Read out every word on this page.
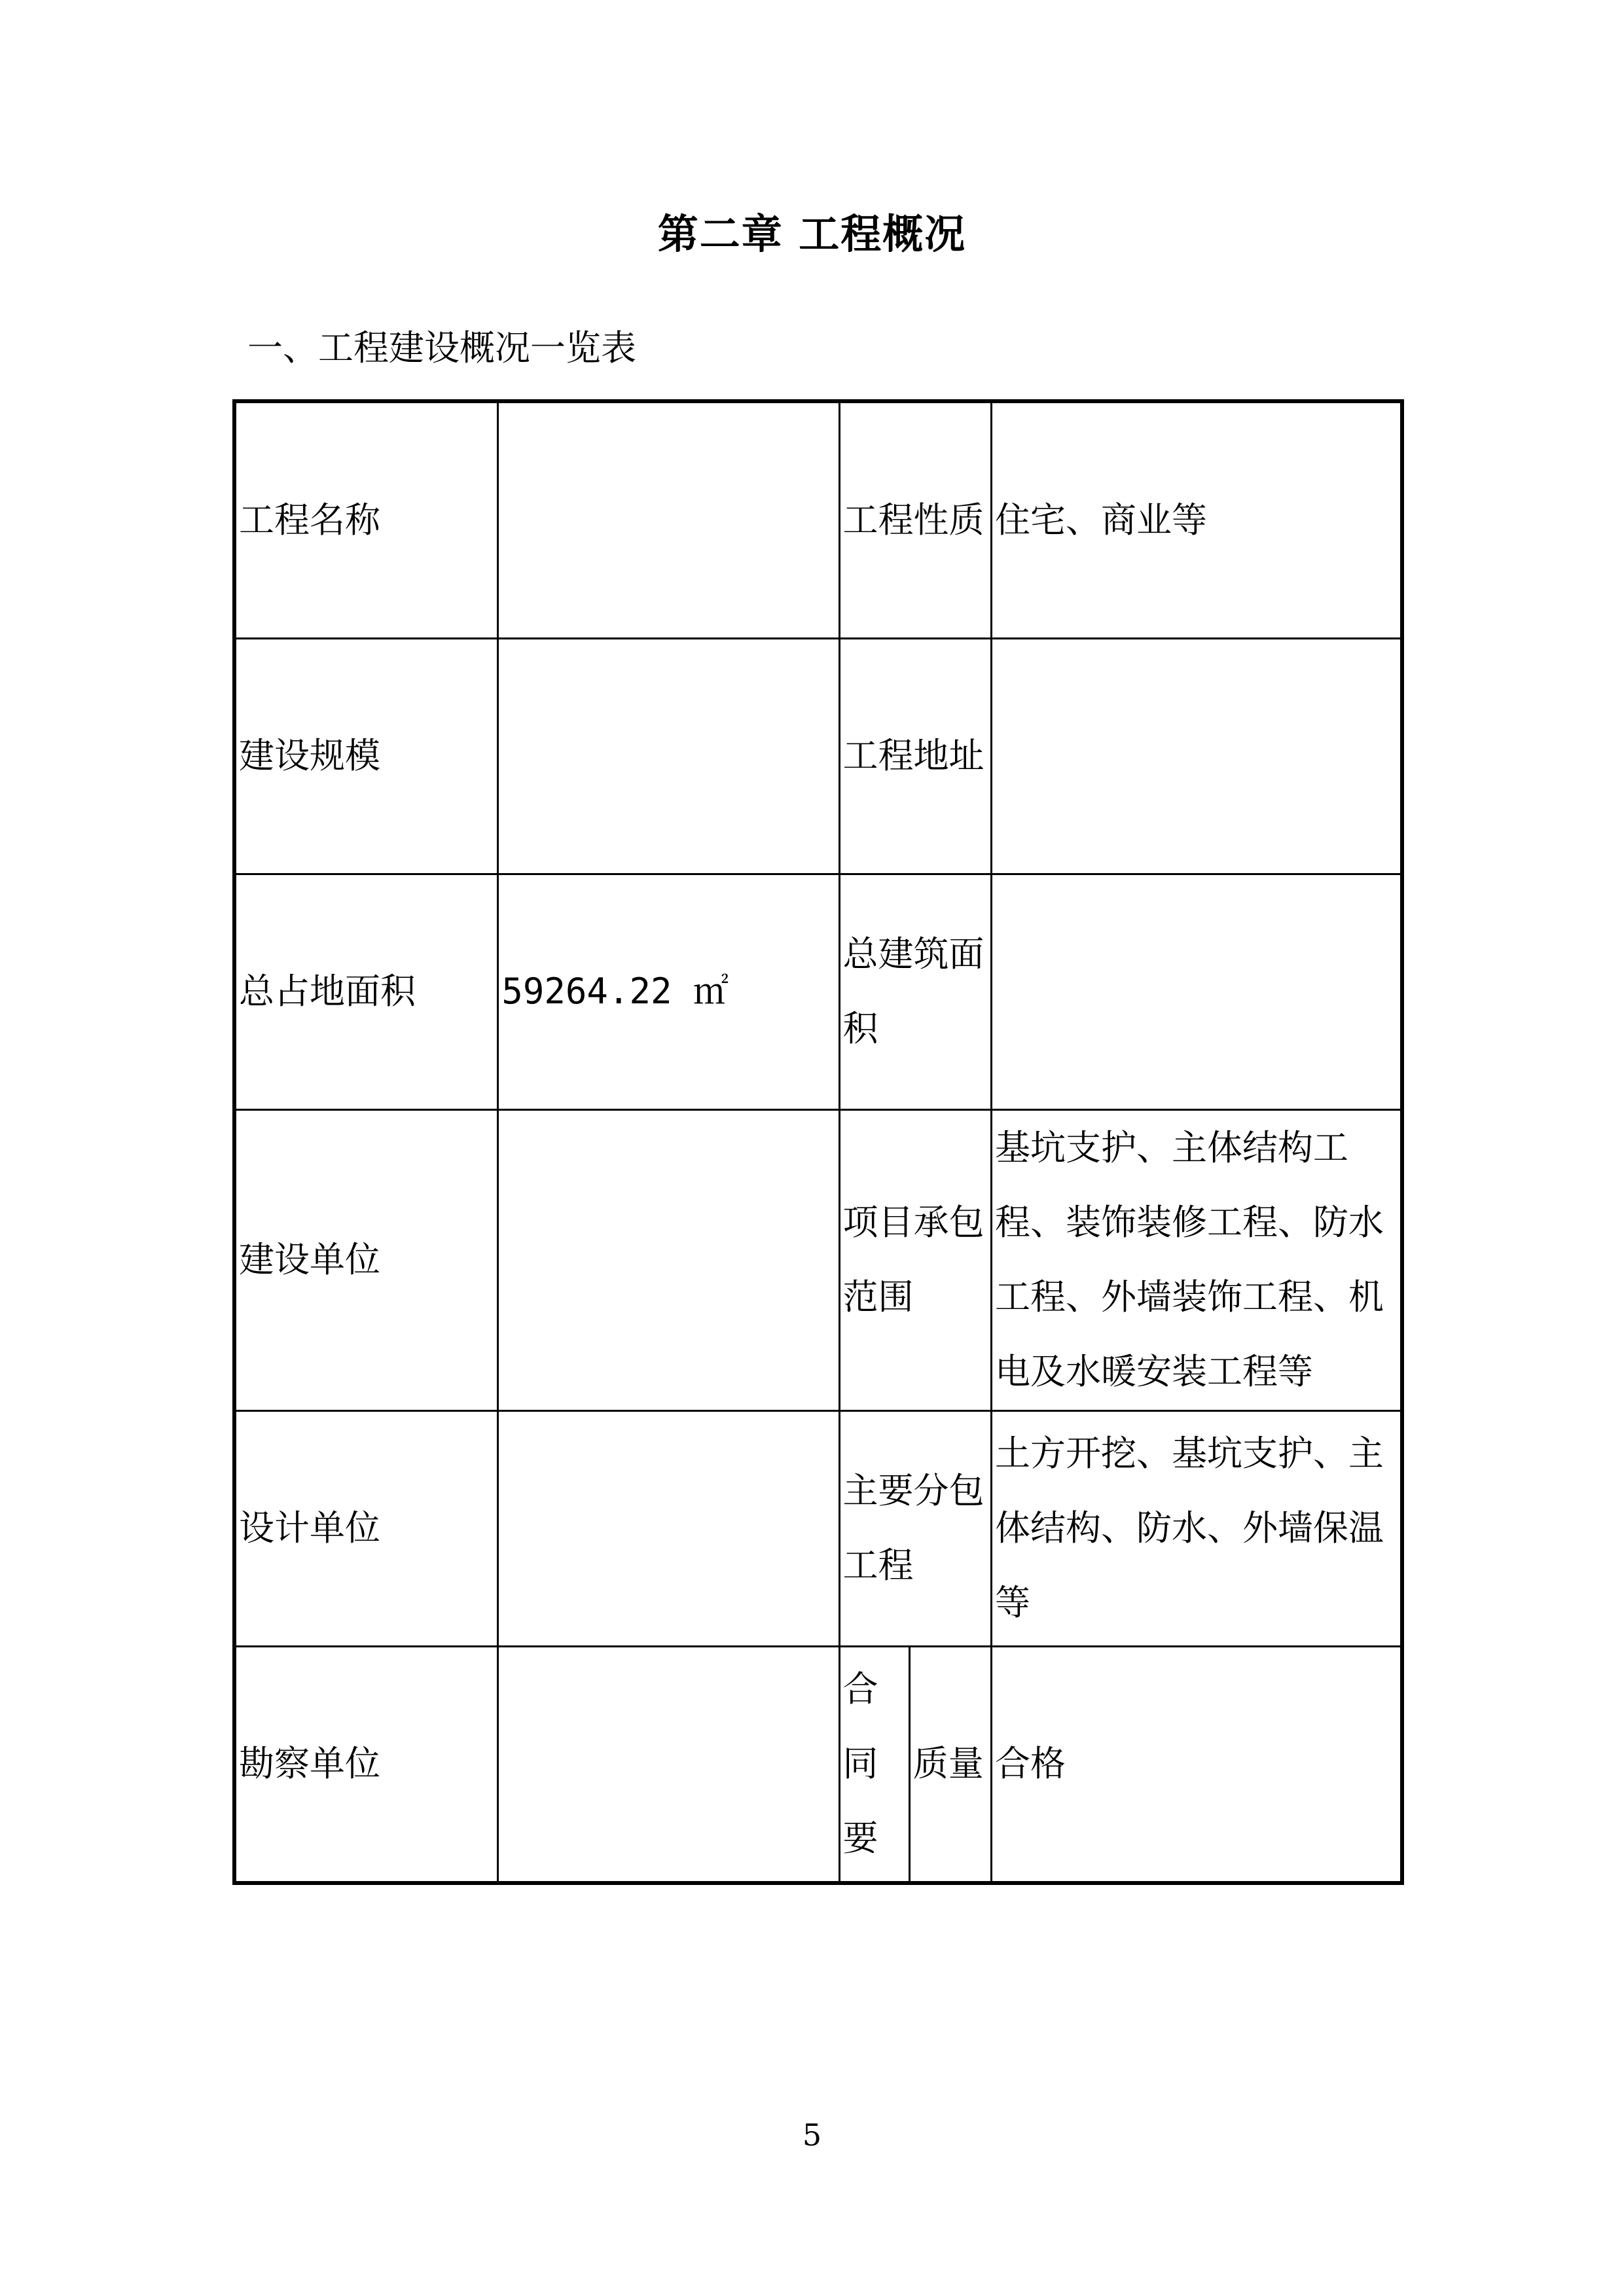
第二章 工程概况
一、工程建设概况一览表
工程名称		工程性质		住宅、商业等
建设规模		工程地址		
总占地面积	59264.22 ㎡	总建筑面积		
建设单位		项目承包范围		基坑支护、主体结构工程、装饰装修工程、防水工程、外墙装饰工程、机电及水暖安装工程等
设计单位		主要分包工程		土方开挖、基坑支护、主体结构、防水、外墙保温等
勘察单位		合同要	质量	合格
5
